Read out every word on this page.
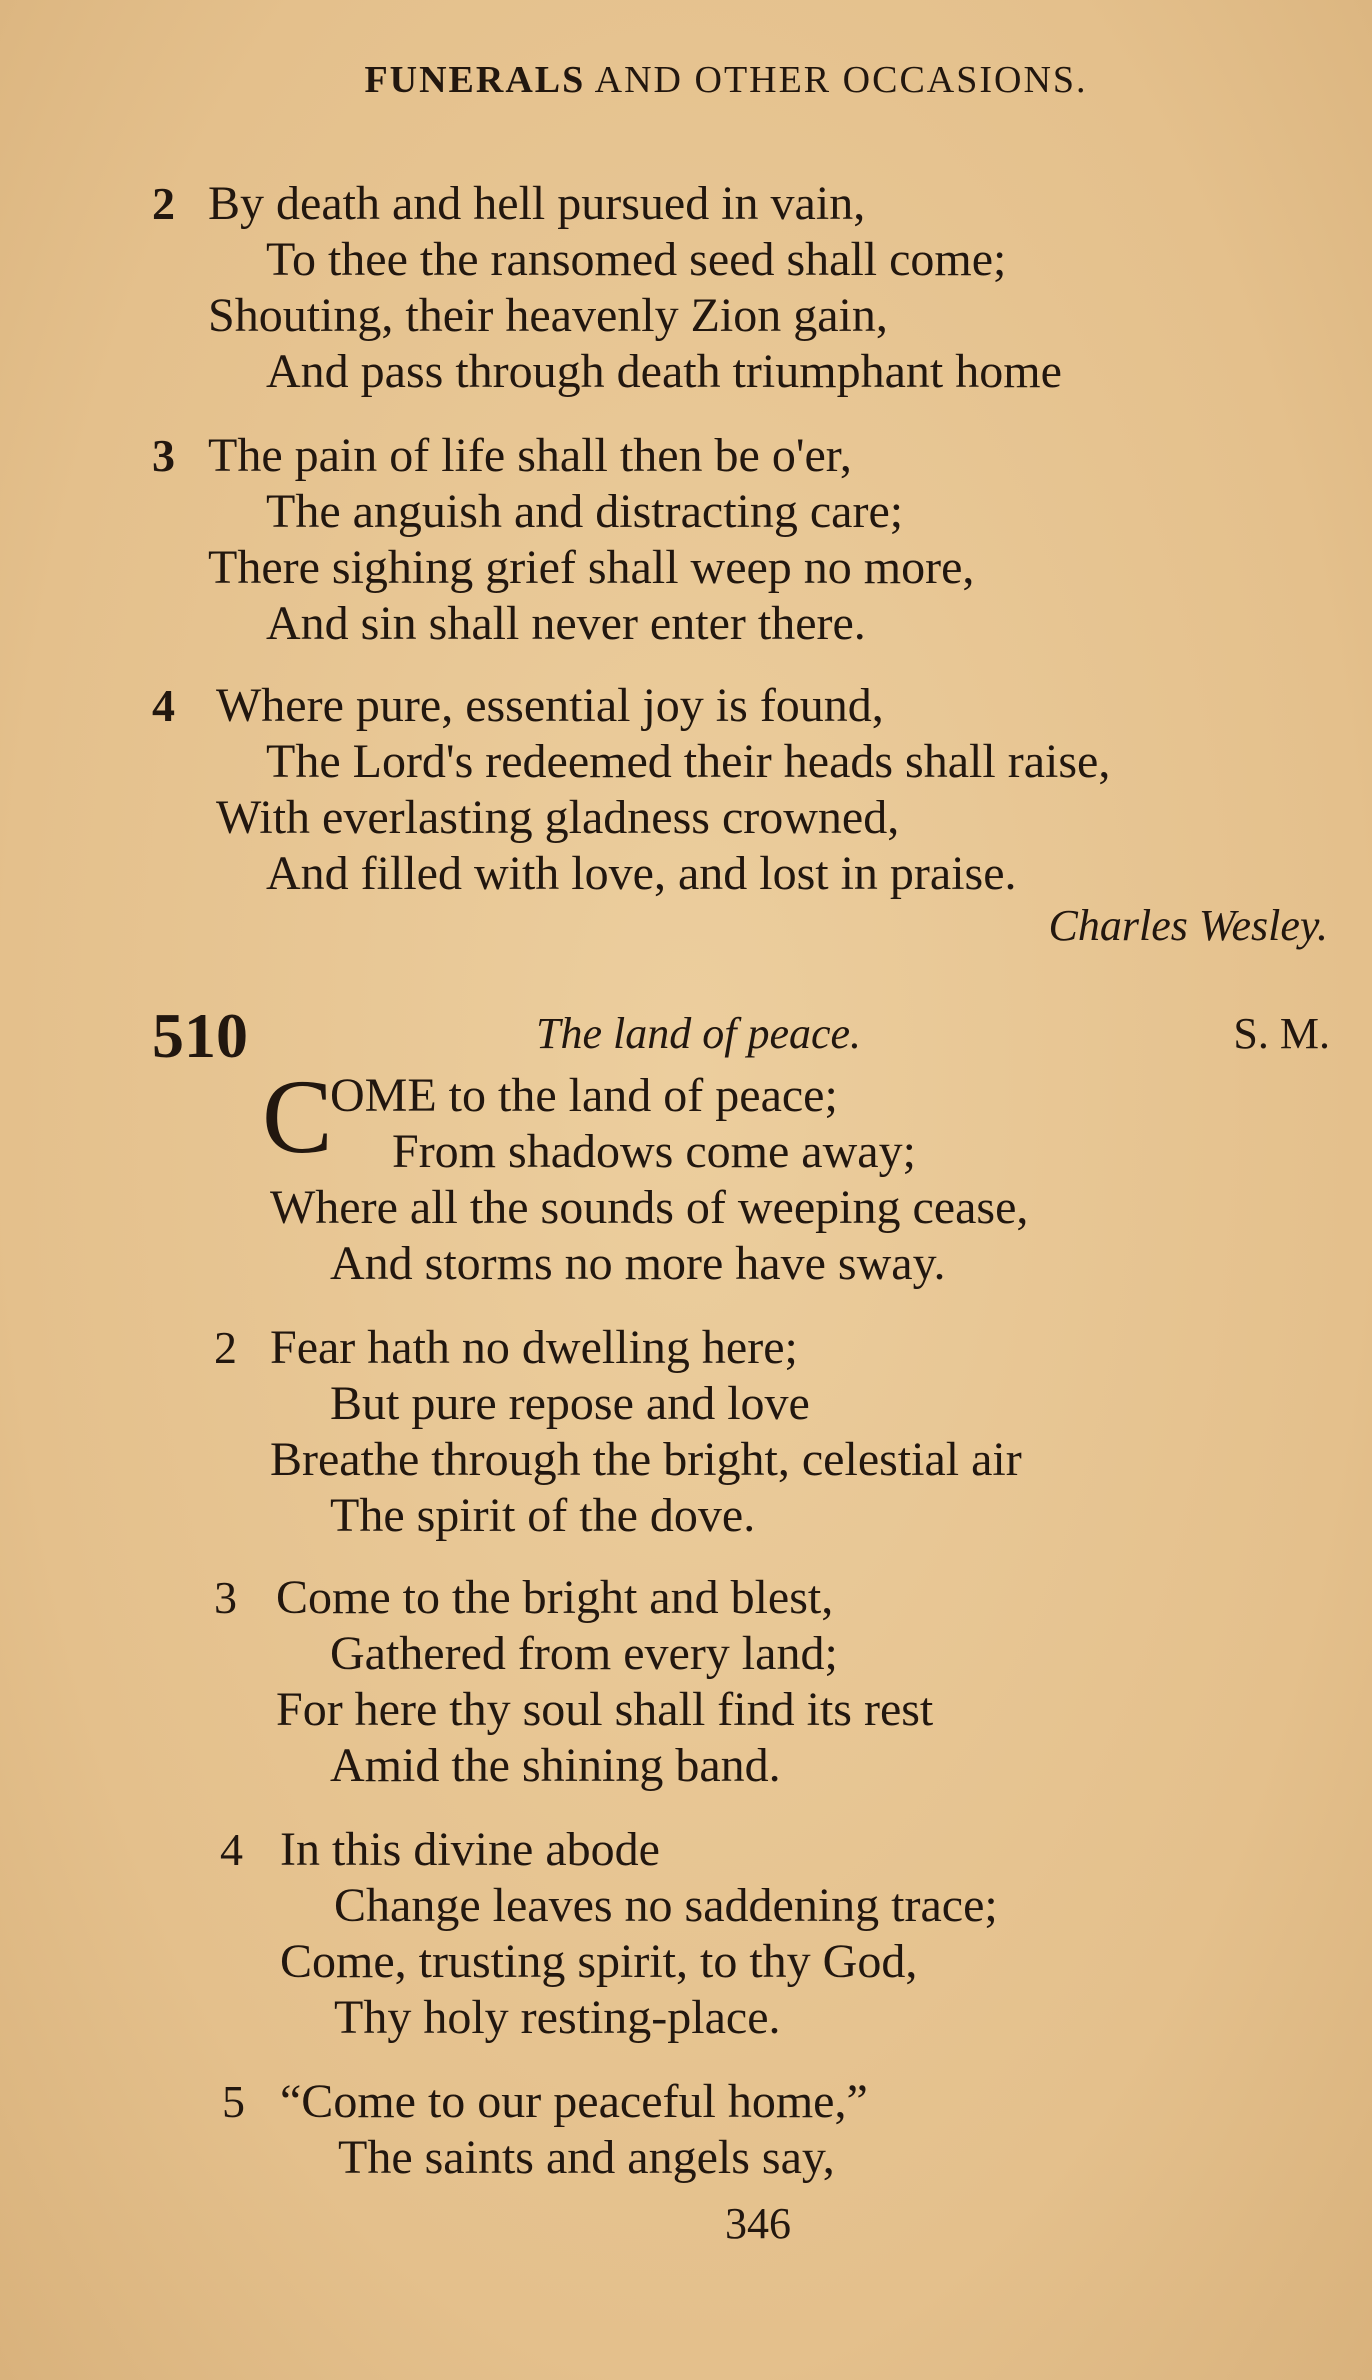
FUNERALS AND OTHER OCCASIONS.
2 By death and hell pursued in vain,
To thee the ransomed seed shall come;
Shouting, their heavenly Zion gain,
And pass through death triumphant home
3 The pain of life shall then be o'er,
The anguish and distracting care;
There sighing grief shall weep no more,
And sin shall never enter there.
4 Where pure, essential joy is found,
The Lord's redeemed their heads shall raise,
With everlasting gladness crowned,
And filled with love, and lost in praise.
Charles Wesley.
510	The land of peace.	S. M.
C
OME to the land of peace;
From shadows come away;
Where all the sounds of weeping cease,
And storms no more have sway.
2 Fear hath no dwelling here;
But pure repose and love
Breathe through the bright, celestial air
The spirit of the dove.
3 Come to the bright and blest,
Gathered from every land;
For here thy soul shall find its rest
Amid the shining band.
4 In this divine abode
Change leaves no saddening trace;
Come, trusting spirit, to thy God,
Thy holy resting-place.
5 “Come to our peaceful home,”
The saints and angels say,
346
